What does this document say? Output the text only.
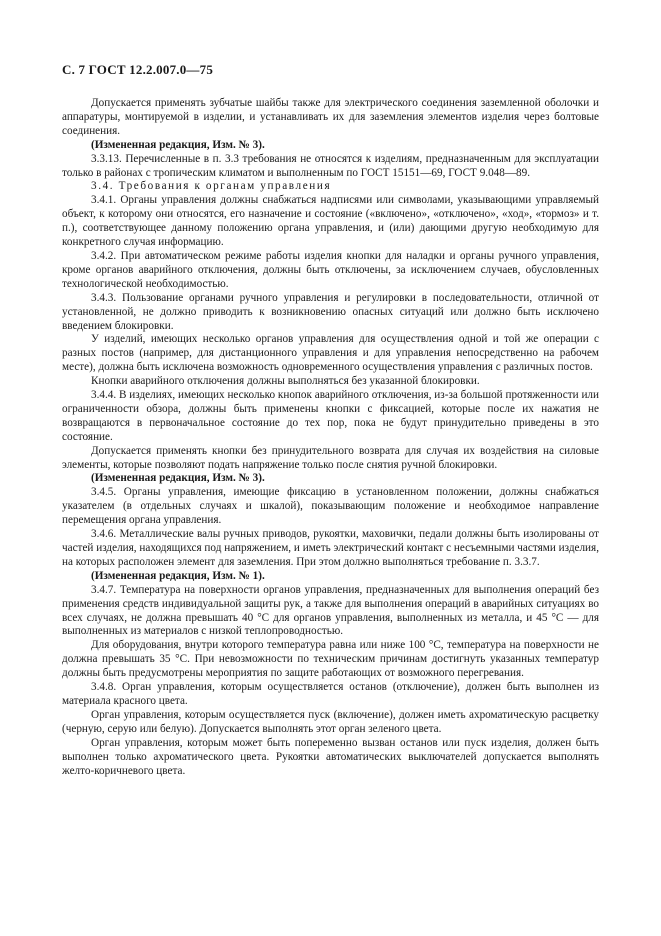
С. 7 ГОСТ 12.2.007.0—75

Допускается применять зубчатые шайбы также для электрического соединения заземленной оболочки и аппаратуры, монтируемой в изделии, и устанавливать их для заземления элементов изделия через болтовые соединения.

(Измененная редакция, Изм. № 3).

3.3.13. Перечисленные в п. 3.3 требования не относятся к изделиям, предназначенным для эксплуатации только в районах с тропическим климатом и выполненным по ГОСТ 15151—69, ГОСТ 9.048—89.

3.4. Требования к органам управления

3.4.1. Органы управления должны снабжаться надписями или символами, указывающими управляемый объект, к которому они относятся, его назначение и состояние («включено», «отключено», «ход», «тормоз» и т. п.), соответствующее данному положению органа управления, и (или) дающими другую необходимую для конкретного случая информацию.

3.4.2. При автоматическом режиме работы изделия кнопки для наладки и органы ручного управления, кроме органов аварийного отключения, должны быть отключены, за исключением случаев, обусловленных технологической необходимостью.

3.4.3. Пользование органами ручного управления и регулировки в последовательности, отличной от установленной, не должно приводить к возникновению опасных ситуаций или должно быть исключено введением блокировки.

У изделий, имеющих несколько органов управления для осуществления одной и той же операции с разных постов (например, для дистанционного управления и для управления непосредственно на рабочем месте), должна быть исключена возможность одновременного осуществления управления с различных постов.

Кнопки аварийного отключения должны выполняться без указанной блокировки.

3.4.4. В изделиях, имеющих несколько кнопок аварийного отключения, из-за большой протяженности или ограниченности обзора, должны быть применены кнопки с фиксацией, которые после их нажатия не возвращаются в первоначальное состояние до тех пор, пока не будут принудительно приведены в это состояние.

Допускается применять кнопки без принудительного возврата для случая их воздействия на силовые элементы, которые позволяют подать напряжение только после снятия ручной блокировки.

(Измененная редакция, Изм. № 3).

3.4.5. Органы управления, имеющие фиксацию в установленном положении, должны снабжаться указателем (в отдельных случаях и шкалой), показывающим положение и необходимое направление перемещения органа управления.

3.4.6. Металлические валы ручных приводов, рукоятки, маховички, педали должны быть изолированы от частей изделия, находящихся под напряжением, и иметь электрический контакт с несъемными частями изделия, на которых расположен элемент для заземления. При этом должно выполняться требование п. 3.3.7.

(Измененная редакция, Изм. № 1).

3.4.7. Температура на поверхности органов управления, предназначенных для выполнения операций без применения средств индивидуальной защиты рук, а также для выполнения операций в аварийных ситуациях во всех случаях, не должна превышать 40 °С для органов управления, выполненных из металла, и 45 °С — для выполненных из материалов с низкой теплопроводностью.

Для оборудования, внутри которого температура равна или ниже 100 °С, температура на поверхности не должна превышать 35 °С. При невозможности по техническим причинам достигнуть указанных температур должны быть предусмотрены мероприятия по защите работающих от возможного перегревания.

3.4.8. Орган управления, которым осуществляется останов (отключение), должен быть выполнен из материала красного цвета.

Орган управления, которым осуществляется пуск (включение), должен иметь ахроматическую расцветку (черную, серую или белую). Допускается выполнять этот орган зеленого цвета.

Орган управления, которым может быть попеременно вызван останов или пуск изделия, должен быть выполнен только ахроматического цвета. Рукоятки автоматических выключателей допускается выполнять желто-коричневого цвета.
